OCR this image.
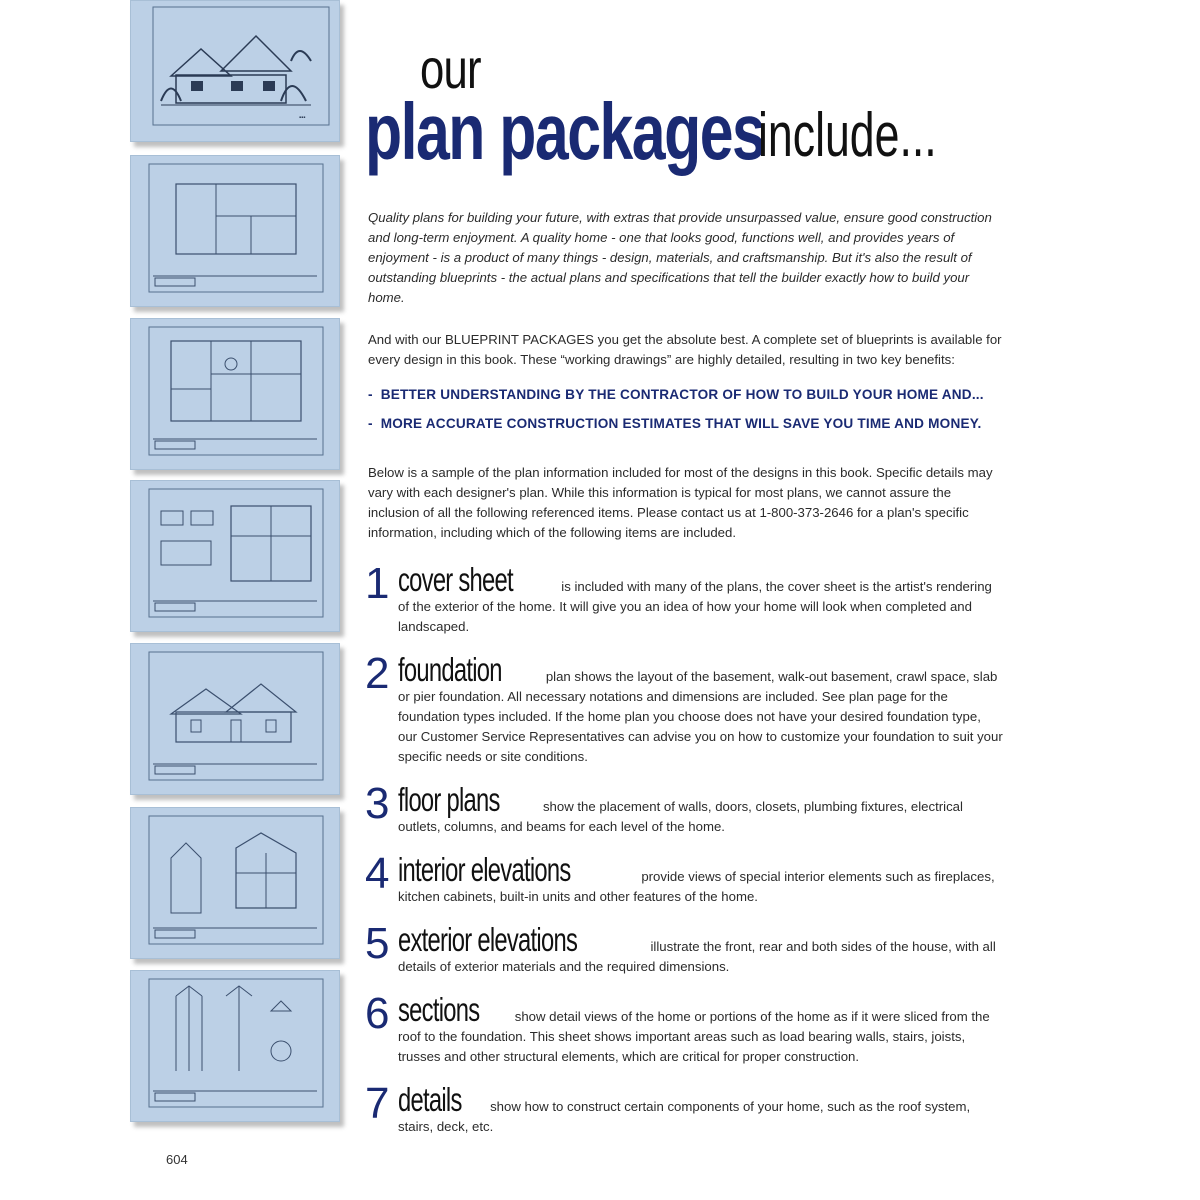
▪▪▪
our
plan packages
include...

Quality plans for building your future, with extras that provide unsurpassed value, ensure good construction and long-term enjoyment. A quality home - one that looks good, functions well, and provides years of enjoyment - is a product of many things - design, materials, and craftsmanship. But it's also the result of outstanding blueprints - the actual plans and specifications that tell the builder exactly how to build your home.

And with our BLUEPRINT PACKAGES you get the absolute best. A complete set of blueprints is available for every design in this book. These “working drawings” are highly detailed, resulting in two key benefits:

- BETTER UNDERSTANDING BY THE CONTRACTOR OF HOW TO BUILD YOUR HOME AND...
- MORE ACCURATE CONSTRUCTION ESTIMATES THAT WILL SAVE YOU TIME AND MONEY.

Below is a sample of the plan information included for most of the designs in this book. Specific details may vary with each designer's plan. While this information is typical for most plans, we cannot assure the inclusion of all the following referenced items. Please contact us at 1-800-373-2646 for a plan's specific information, including which of the following items are included.

1 cover sheet	is included with many of the plans, the cover sheet is the artist's rendering of the exterior of the home. It will give you an idea of how your home will look when completed and landscaped.
2 foundation	plan shows the layout of the basement, walk-out basement, crawl space, slab or pier foundation. All necessary notations and dimensions are included. See plan page for the foundation types included. If the home plan you choose does not have your desired foundation type, our Customer Service Representatives can advise you on how to customize your foundation to suit your specific needs or site conditions.
3 floor plans	show the placement of walls, doors, closets, plumbing fixtures, electrical outlets, columns, and beams for each level of the home.
4 interior elevations	provide views of special interior elements such as fireplaces, kitchen cabinets, built-in units and other features of the home.
5 exterior elevations	illustrate the front, rear and both sides of the house, with all details of exterior materials and the required dimensions.
6 sections	show detail views of the home or portions of the home as if it were sliced from the roof to the foundation. This sheet shows important areas such as load bearing walls, stairs, joists, trusses and other structural elements, which are critical for proper construction.
7 details show how to construct certain components of your home, such as the roof system, stairs, deck, etc.
604
